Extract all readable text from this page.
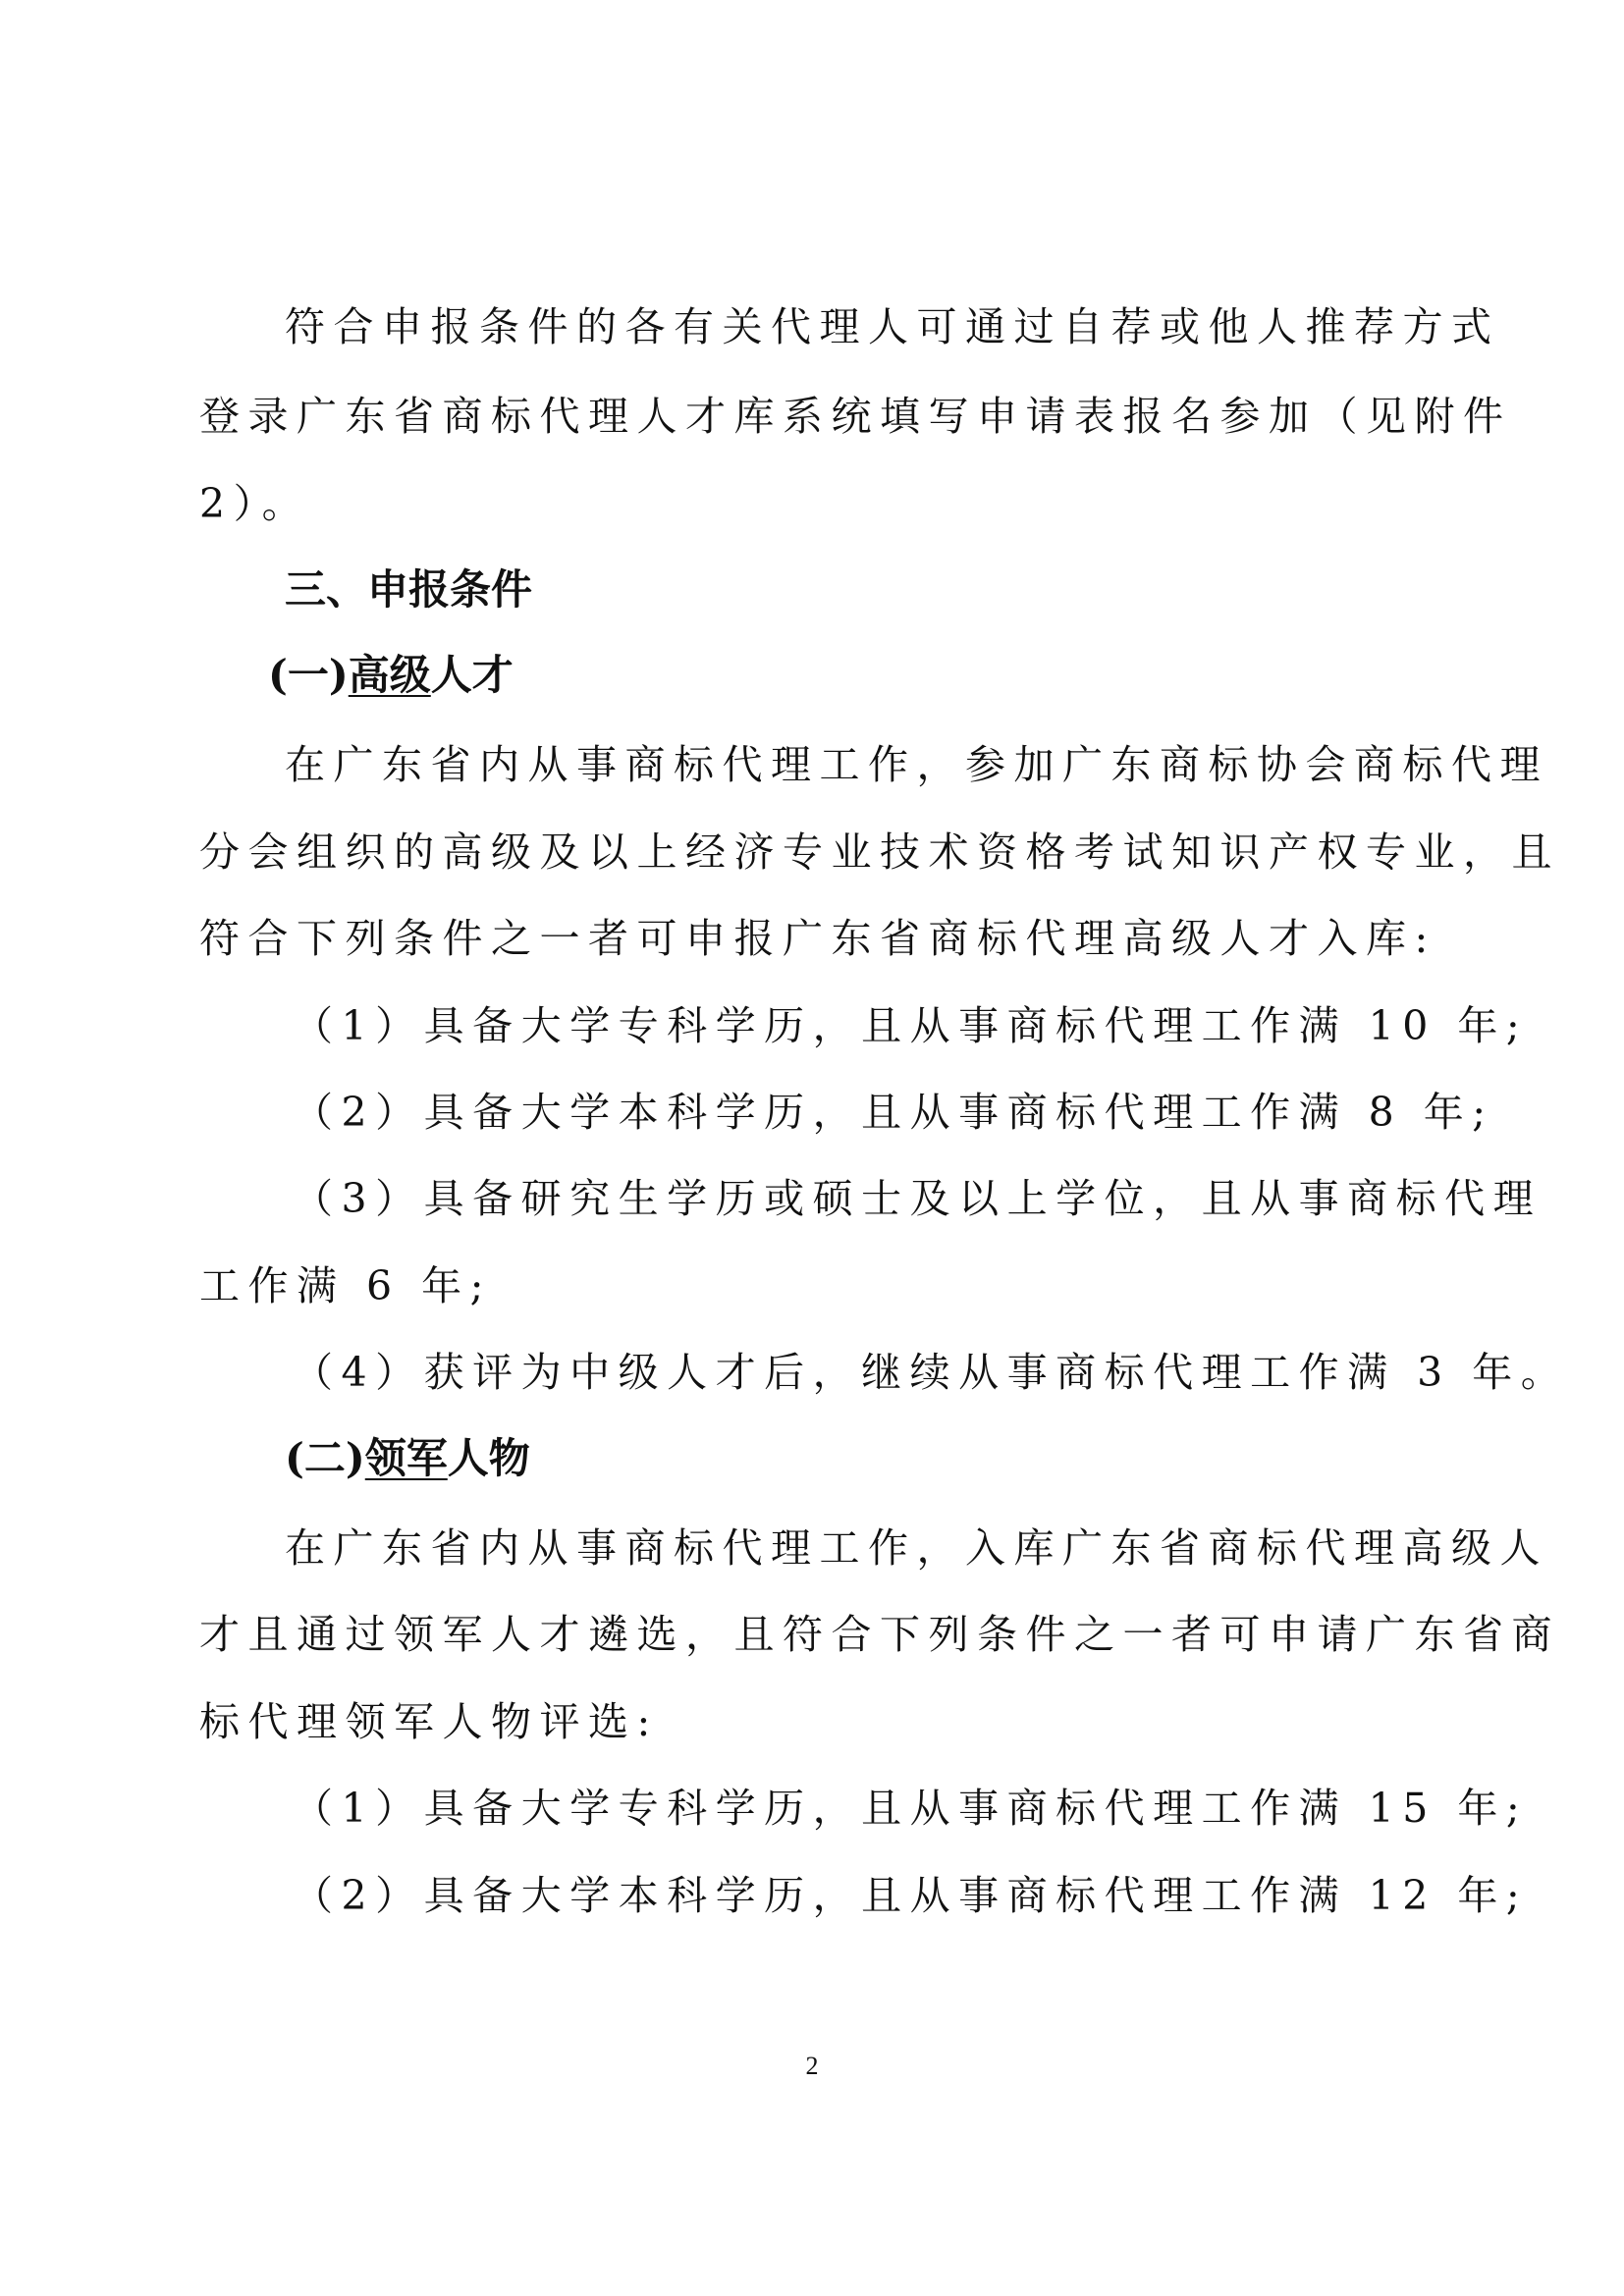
符合申报条件的各有关代理人可通过自荐或他人推荐方式
登录广东省商标代理人才库系统填写申请表报名参加（见附件
2）。
三、申报条件
(一)高级人才
在广东省内从事商标代理工作，参加广东商标协会商标代理
分会组织的高级及以上经济专业技术资格考试知识产权专业，且
符合下列条件之一者可申报广东省商标代理高级人才入库:
（1）具备大学专科学历，且从事商标代理工作满 10 年;
（2）具备大学本科学历，且从事商标代理工作满 8 年;
（3）具备研究生学历或硕士及以上学位，且从事商标代理
工作满 6 年;
（4）获评为中级人才后，继续从事商标代理工作满 3 年。
(二)领军人物
在广东省内从事商标代理工作，入库广东省商标代理高级人
才且通过领军人才遴选，且符合下列条件之一者可申请广东省商
标代理领军人物评选:
（1）具备大学专科学历，且从事商标代理工作满 15 年;
（2）具备大学本科学历，且从事商标代理工作满 12 年;
2
